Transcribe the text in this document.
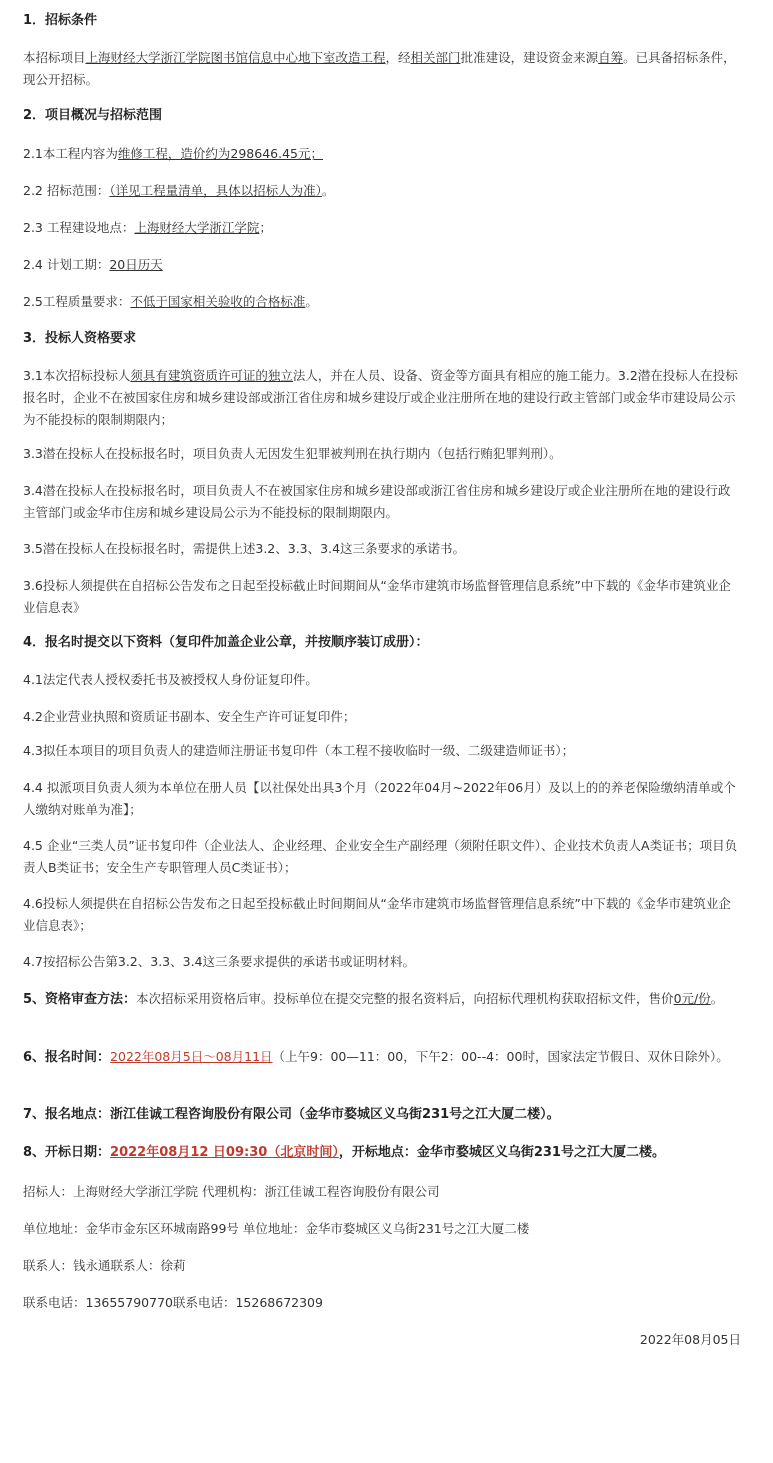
1．招标条件

本招标项目上海财经大学浙江学院图书馆信息中心地下室改造工程，经相关部门批准建设，建设资金来源自筹。已具备招标条件，现公开招标。

2．项目概况与招标范围

2.1本工程内容为维修工程，造价约为298646.45元；

2.2 招标范围：（详见工程量清单，具体以招标人为准）。

2.3 工程建设地点：上海财经大学浙江学院；

2.4 计划工期：20日历天

2.5工程质量要求：不低于国家相关验收的合格标准。

3．投标人资格要求

3.1本次招标投标人须具有建筑资质许可证的独立法人，并在人员、设备、资金等方面具有相应的施工能力。3.2潜在投标人在投标报名时，企业不在被国家住房和城乡建设部或浙江省住房和城乡建设厅或企业注册所在地的建设行政主管部门或金华市建设局公示为不能投标的限制期限内；

3.3潜在投标人在投标报名时，项目负责人无因发生犯罪被判刑在执行期内（包括行贿犯罪判刑）。

3.4潜在投标人在投标报名时，项目负责人不在被国家住房和城乡建设部或浙江省住房和城乡建设厅或企业注册所在地的建设行政主管部门或金华市住房和城乡建设局公示为不能投标的限制期限内。

3.5潜在投标人在投标报名时，需提供上述3.2、3.3、3.4这三条要求的承诺书。

3.6投标人须提供在自招标公告发布之日起至投标截止时间期间从“金华市建筑市场监督管理信息系统”中下载的《金华市建筑业企业信息表》

4．报名时提交以下资料（复印件加盖企业公章，并按顺序装订成册）：

4.1法定代表人授权委托书及被授权人身份证复印件。

4.2企业营业执照和资质证书副本、安全生产许可证复印件；

4.3拟任本项目的项目负责人的建造师注册证书复印件（本工程不接收临时一级、二级建造师证书）；

4.4 拟派项目负责人须为本单位在册人员【以社保处出具3个月（2022年04月~2022年06月）及以上的的养老保险缴纳清单或个人缴纳对账单为准】；

4.5 企业“三类人员”证书复印件（企业法人、企业经理、企业安全生产副经理（须附任职文件）、企业技术负责人A类证书；项目负责人B类证书；安全生产专职管理人员C类证书）；

4.6投标人须提供在自招标公告发布之日起至投标截止时间期间从“金华市建筑市场监督管理信息系统”中下载的《金华市建筑业企业信息表》；

4.7按招标公告第3.2、3.3、3.4这三条要求提供的承诺书或证明材料。

5、资格审查方法：本次招标采用资格后审。投标单位在提交完整的报名资料后，向招标代理机构获取招标文件，售价0元/份。

6、报名时间：2022年08月5日～08月11日（上午9：00—11：00，下午2：00--4：00时，国家法定节假日、双休日除外）。

7、报名地点：浙江佳诚工程咨询股份有限公司（金华市婺城区义乌街231号之江大厦二楼）。

8、开标日期：2022年08月12 日09:30（北京时间），开标地点：金华市婺城区义乌街231号之江大厦二楼。

招标人：上海财经大学浙江学院 代理机构：浙江佳诚工程咨询股份有限公司

单位地址：金华市金东区环城南路99号 单位地址：金华市婺城区义乌街231号之江大厦二楼

联系人：钱永通联系人：徐莉

联系电话：13655790770联系电话：15268672309

2022年08月05日
